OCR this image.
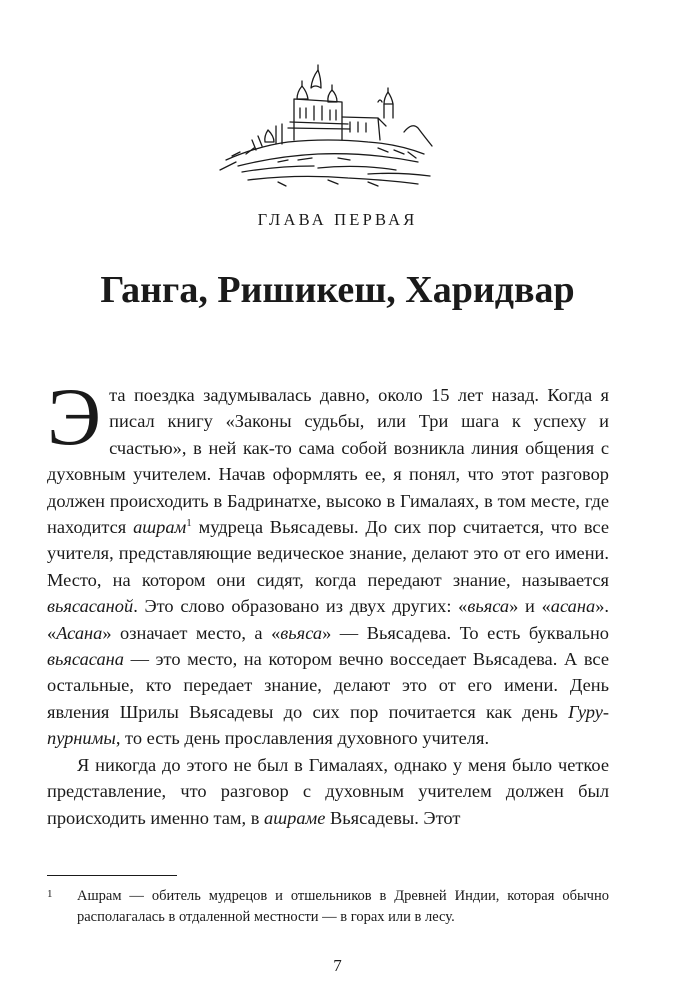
ГЛАВА ПЕРВАЯ
Ганга, Ришикеш, Харидвар

Эта поездка задумывалась давно, около 15 лет назад. Когда я писал книгу «Законы судьбы, или Три шага к успеху и счастью», в ней как-то сама собой возникла линия общения с духовным учителем. Начав оформлять ее, я понял, что этот разговор должен происходить в Бадринатхе, высоко в Гималаях, в том месте, где находится ашрам$^1$ мудреца Вьясадевы. До сих пор считается, что все учителя, представляющие ведическое знание, делают это от его имени. Место, на котором они сидят, когда передают знание, называется вьясасаной. Это слово образовано из двух других: «вьяса» и «асана». «Асана» означает место, а «вьяса» — Вьясадева. То есть буквально вьясасана — это место, на котором вечно восседает Вьясадева. А все остальные, кто передает знание, делают это от его имени. День явления Шрилы Вьясадевы до сих пор почитается как день Гуру-пурнимы, то есть день прославления духовного учителя.

Я никогда до этого не был в Гималаях, однако у меня было четкое представление, что разговор с духовным учителем должен был происходить именно там, в ашраме Вьясадевы. Этот

1 Ашрам — обитель мудрецов и отшельников в Древней Индии, которая обычно располагалась в отдаленной местности — в горах или в лесу.
7
